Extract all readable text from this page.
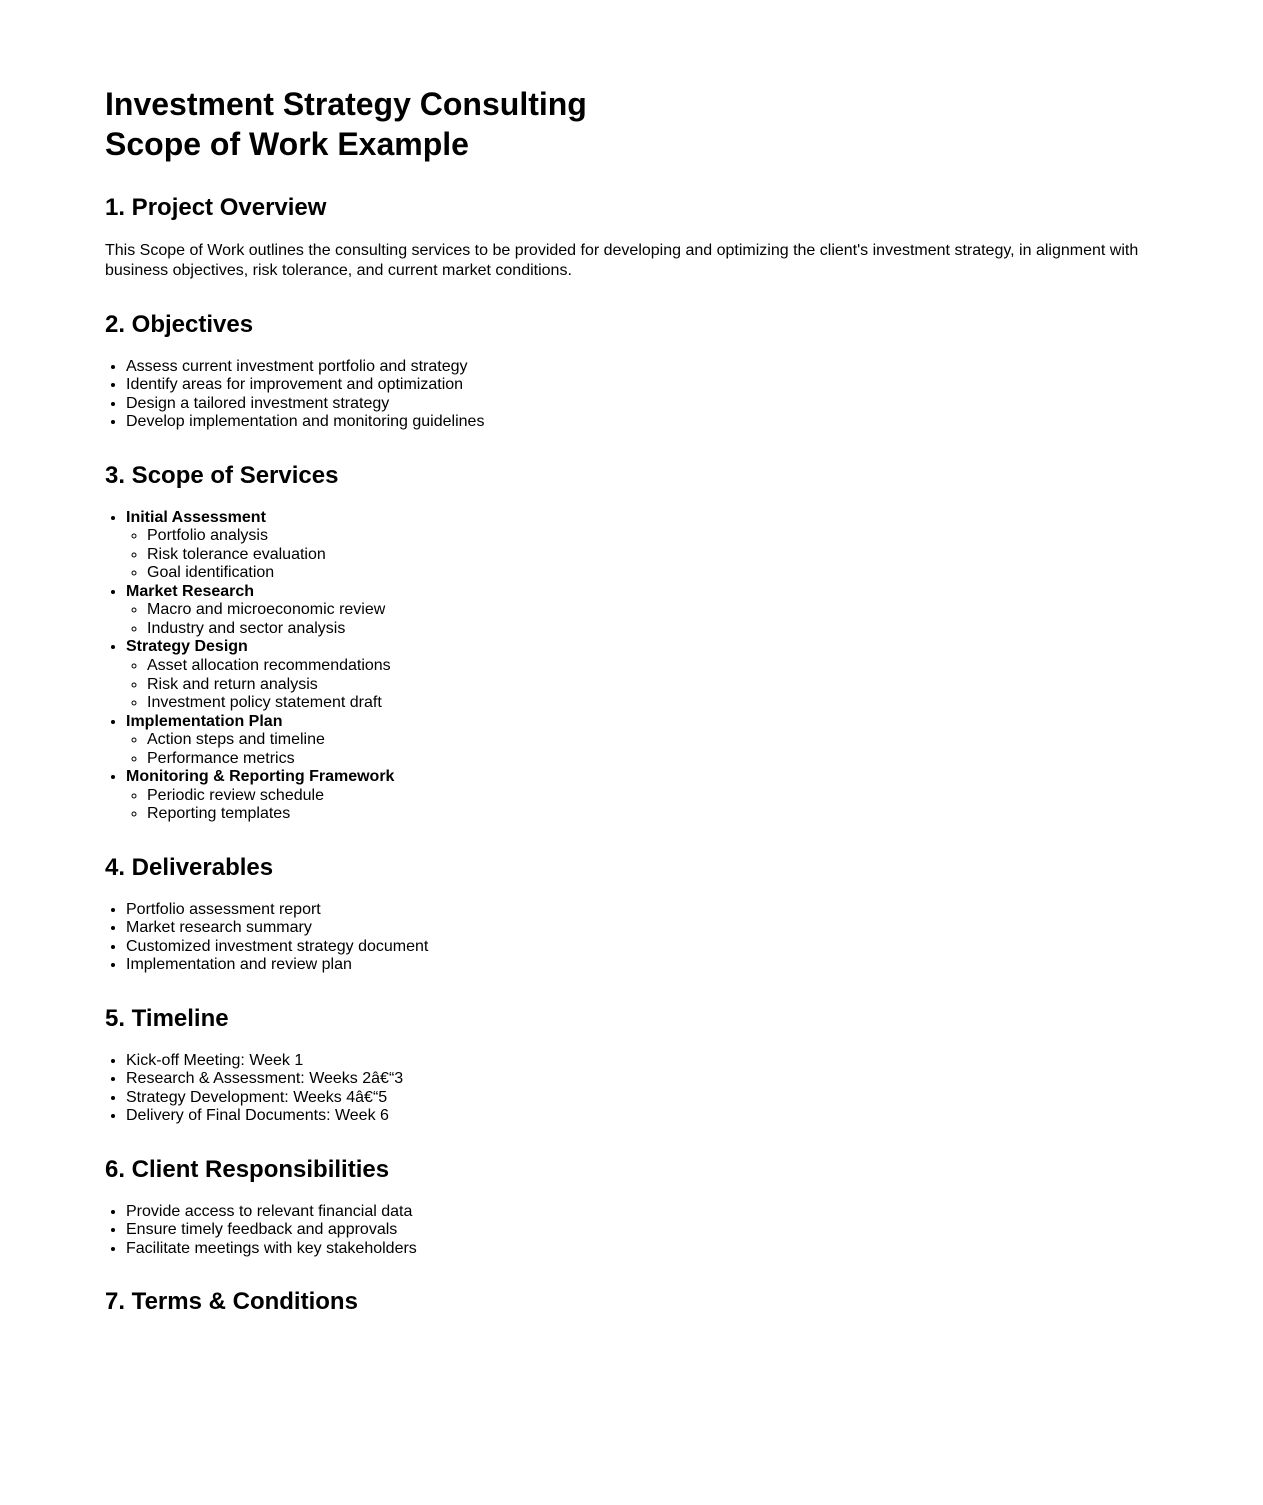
Investment Strategy Consulting
Scope of Work Example
1. Project Overview

This Scope of Work outlines the consulting services to be provided for developing and optimizing the client's investment strategy, in alignment with business objectives, risk tolerance, and current market conditions.

2. Objectives
• Assess current investment portfolio and strategy
• Identify areas for improvement and optimization
• Design a tailored investment strategy
• Develop implementation and monitoring guidelines
3. Scope of Services
• Initial Assessment
◦ Portfolio analysis
◦ Risk tolerance evaluation
◦ Goal identification
• Market Research
◦ Macro and microeconomic review
◦ Industry and sector analysis
• Strategy Design
◦ Asset allocation recommendations
◦ Risk and return analysis
◦ Investment policy statement draft
• Implementation Plan
◦ Action steps and timeline
◦ Performance metrics
• Monitoring & Reporting Framework
◦ Periodic review schedule
◦ Reporting templates
4. Deliverables
• Portfolio assessment report
• Market research summary
• Customized investment strategy document
• Implementation and review plan
5. Timeline
• Kick-off Meeting: Week 1
• Research & Assessment: Weeks 2â€“3
• Strategy Development: Weeks 4â€“5
• Delivery of Final Documents: Week 6
6. Client Responsibilities
• Provide access to relevant financial data
• Ensure timely feedback and approvals
• Facilitate meetings with key stakeholders
7. Terms & Conditions
